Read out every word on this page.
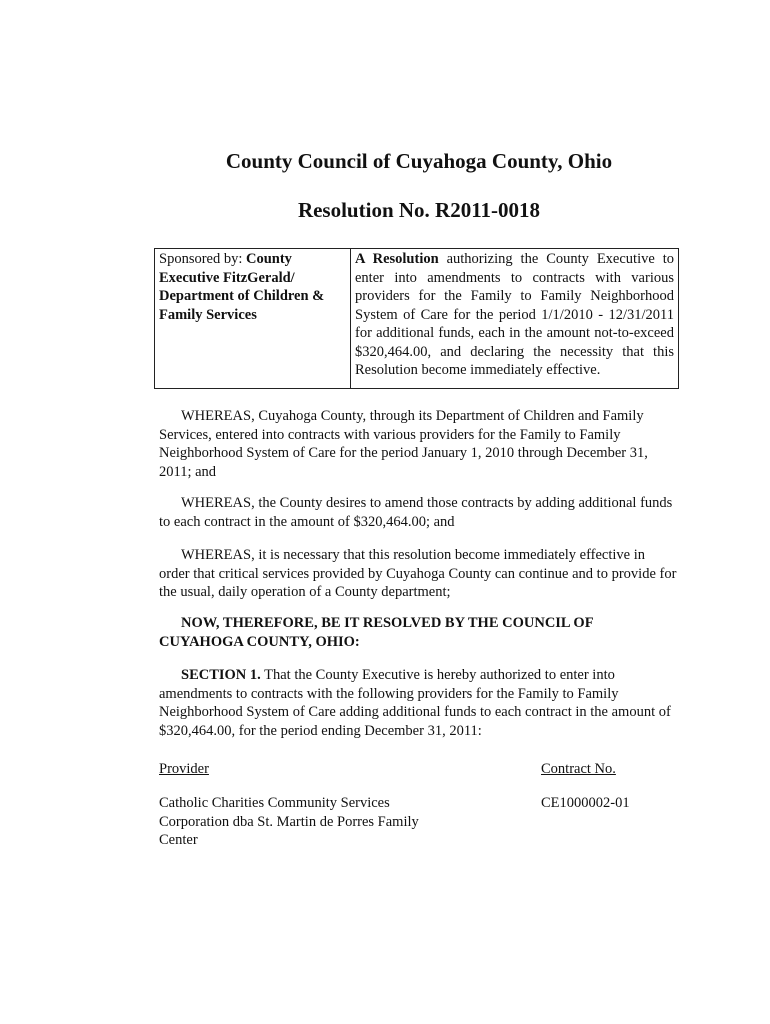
County Council of Cuyahoga County, Ohio
Resolution No. R2011-0018
Sponsored by: County Executive FitzGerald/ Department of Children & Family Services
A Resolution authorizing the County Executive to enter into amendments to contracts with various providers for the Family to Family Neighborhood System of Care for the period 1/1/2010 - 12/31/2011 for additional funds, each in the amount not-to-exceed $320,464.00, and declaring the necessity that this Resolution become immediately effective.

WHEREAS, Cuyahoga County, through its Department of Children and Family Services, entered into contracts with various providers for the Family to Family Neighborhood System of Care for the period January 1, 2010 through December 31, 2011; and

WHEREAS, the County desires to amend those contracts by adding additional funds to each contract in the amount of $320,464.00; and

WHEREAS, it is necessary that this resolution become immediately effective in order that critical services provided by Cuyahoga County can continue and to provide for the usual, daily operation of a County department;

NOW, THEREFORE, BE IT RESOLVED BY THE COUNCIL OF CUYAHOGA COUNTY, OHIO:

SECTION 1. That the County Executive is hereby authorized to enter into amendments to contracts with the following providers for the Family to Family Neighborhood System of Care adding additional funds to each contract in the amount of $320,464.00, for the period ending December 31, 2011:

Provider	Contract No.

Catholic Charities Community Services Corporation dba St. Martin de Porres Family Center

CE1000002-01
